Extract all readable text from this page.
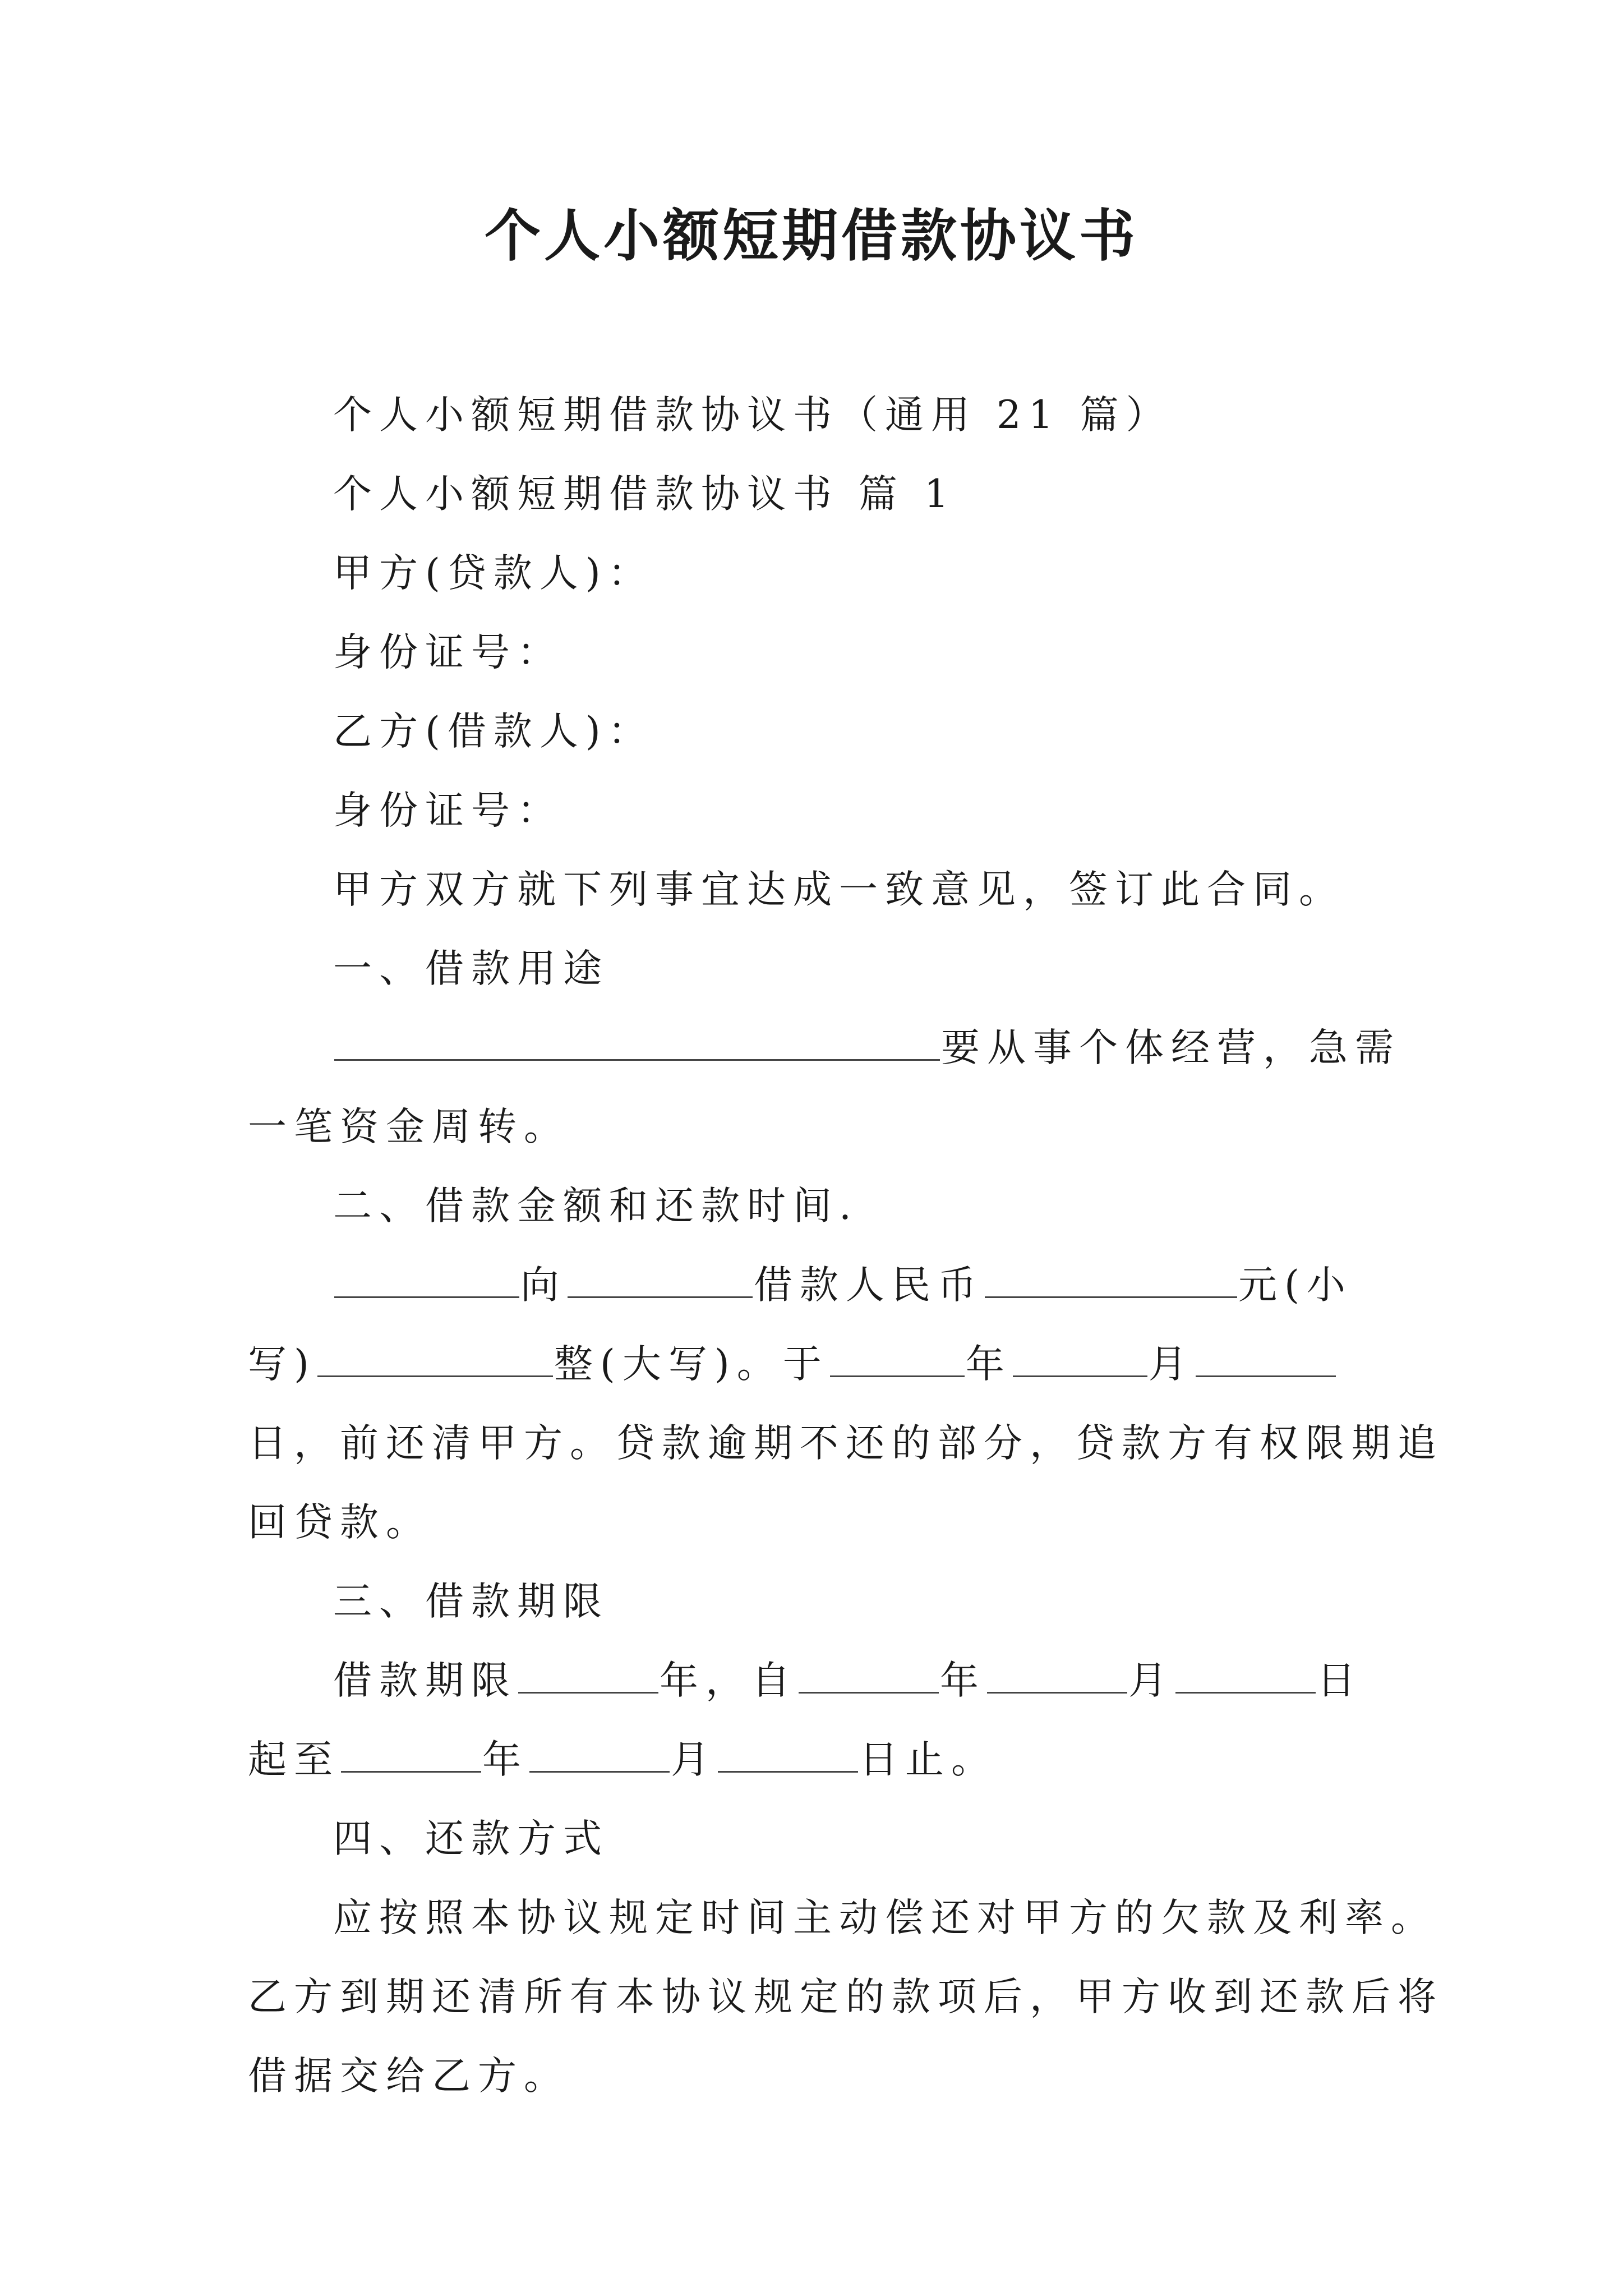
个人小额短期借款协议书
个人小额短期借款协议书（通用 21 篇）
个人小额短期借款协议书 篇 1
甲方(贷款人)：
身份证号：
乙方(借款人)：
身份证号：
甲方双方就下列事宜达成一致意见，签订此合同。
一、借款用途
要从事个体经营，急需
一笔资金周转。
二、借款金额和还款时间.
向	借款人民币	元(小
写)	整(大写)。于	年	月
日，前还清甲方。贷款逾期不还的部分，贷款方有权限期追
回贷款。
三、借款期限
借款期限	年，自	年	月	日
起至	年	月	日止。
四、还款方式
应按照本协议规定时间主动偿还对甲方的欠款及利率。
乙方到期还清所有本协议规定的款项后，甲方收到还款后将
借据交给乙方。
